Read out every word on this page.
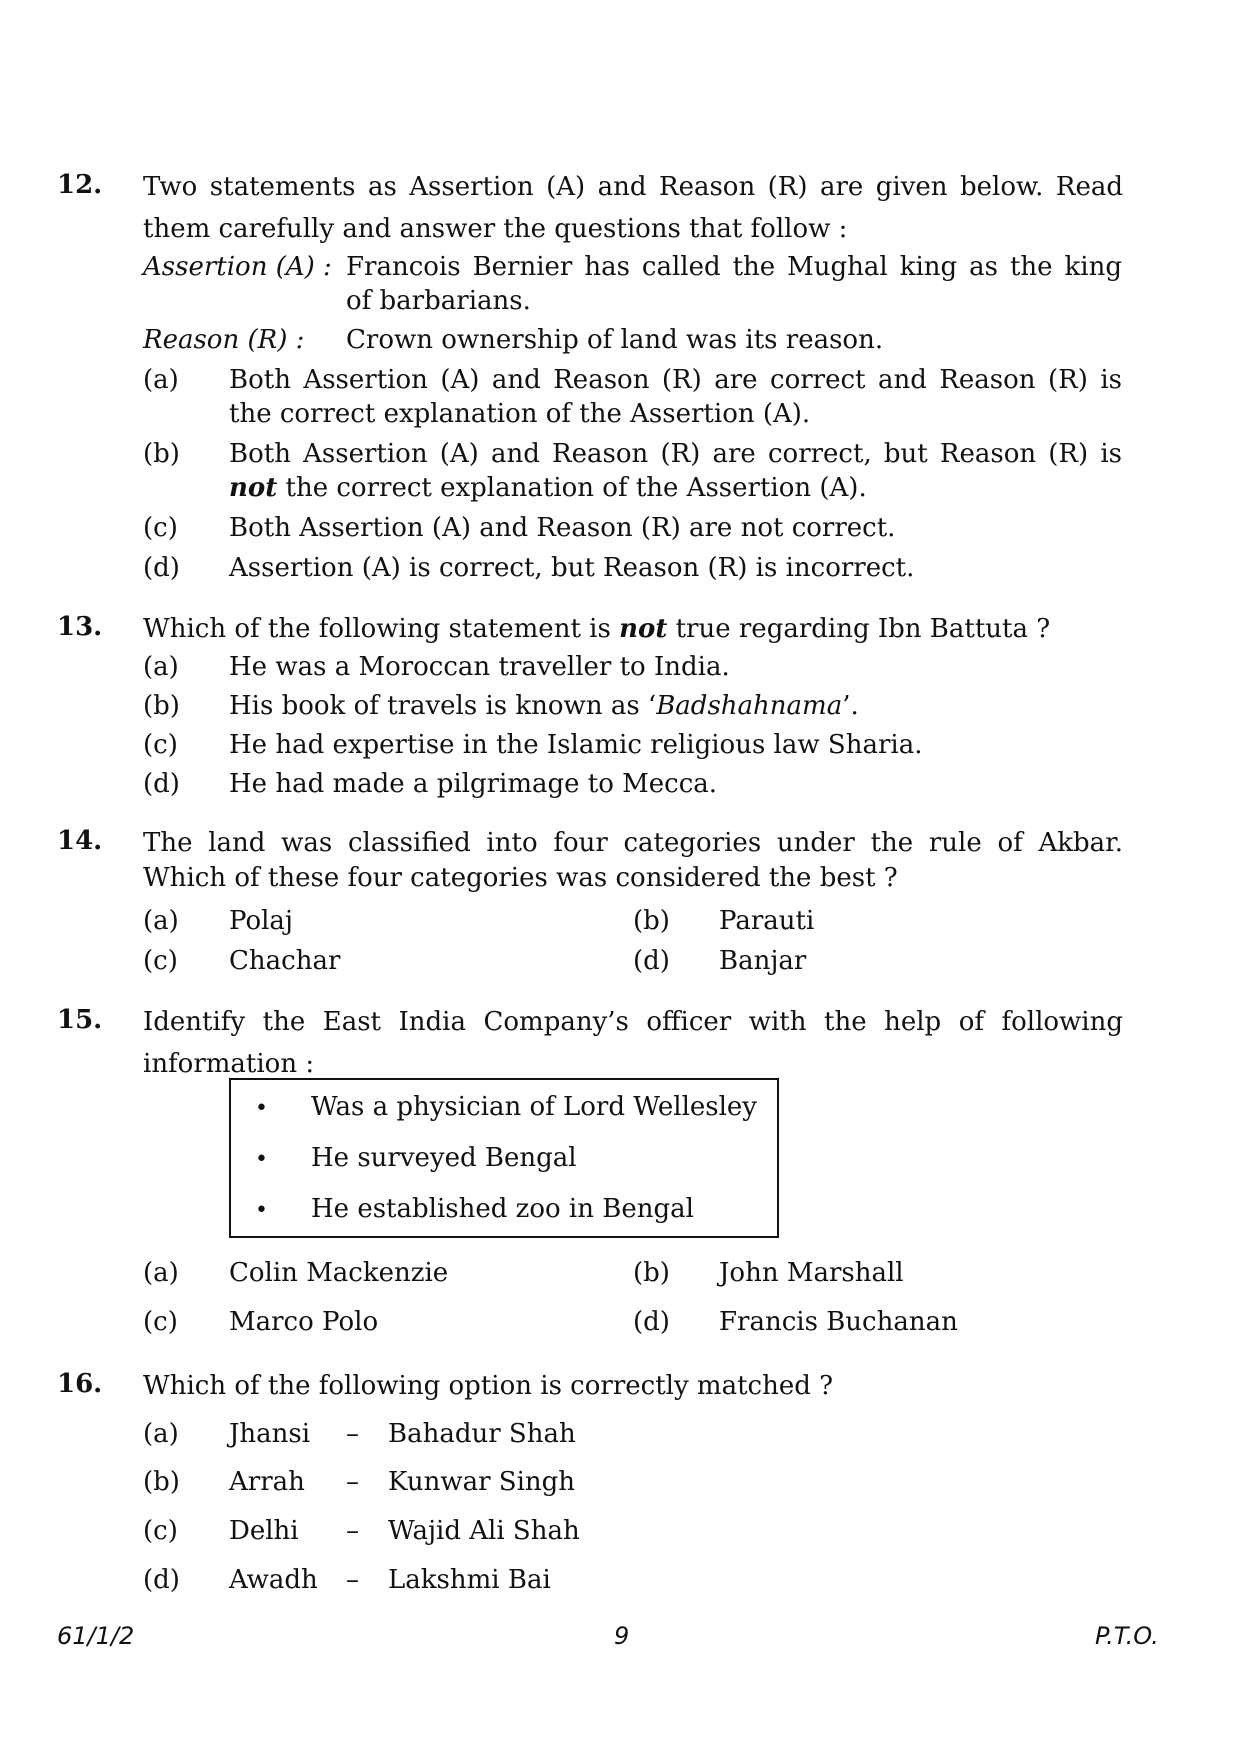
12. Two statements as Assertion (A) and Reason (R) are given below. Read
them carefully and answer the questions that follow :
Assertion (A) : Francois Bernier has called the Mughal king as the king
of barbarians.
Reason (R) : Crown ownership of land was its reason.
(a) Both Assertion (A) and Reason (R) are correct and Reason (R) is
the correct explanation of the Assertion (A).
(b) Both Assertion (A) and Reason (R) are correct, but Reason (R) is
not the correct explanation of the Assertion (A).
(c) Both Assertion (A) and Reason (R) are not correct.
(d) Assertion (A) is correct, but Reason (R) is incorrect.
13. Which of the following statement is not true regarding Ibn Battuta ?
(a) He was a Moroccan traveller to India.
(b) His book of travels is known as ‘Badshahnama’.
(c) He had expertise in the Islamic religious law Sharia.
(d) He had made a pilgrimage to Mecca.
14. The land was classified into four categories under the rule of Akbar.
Which of these four categories was considered the best ?
(a) Polaj	(b) Parauti
(c) Chachar	(d) Banjar
15. Identify the East India Company’s officer with the help of following
information :
• Was a physician of Lord Wellesley
• He surveyed Bengal
• He established zoo in Bengal
(a) Colin Mackenzie	(b) John Marshall
(c) Marco Polo	(d) Francis Buchanan
16. Which of the following option is correctly matched ?
(a) Jhansi – Bahadur Shah
(b) Arrah – Kunwar Singh
(c) Delhi – Wajid Ali Shah
(d) Awadh – Lakshmi Bai
61/1/2	9	P.T.O.
